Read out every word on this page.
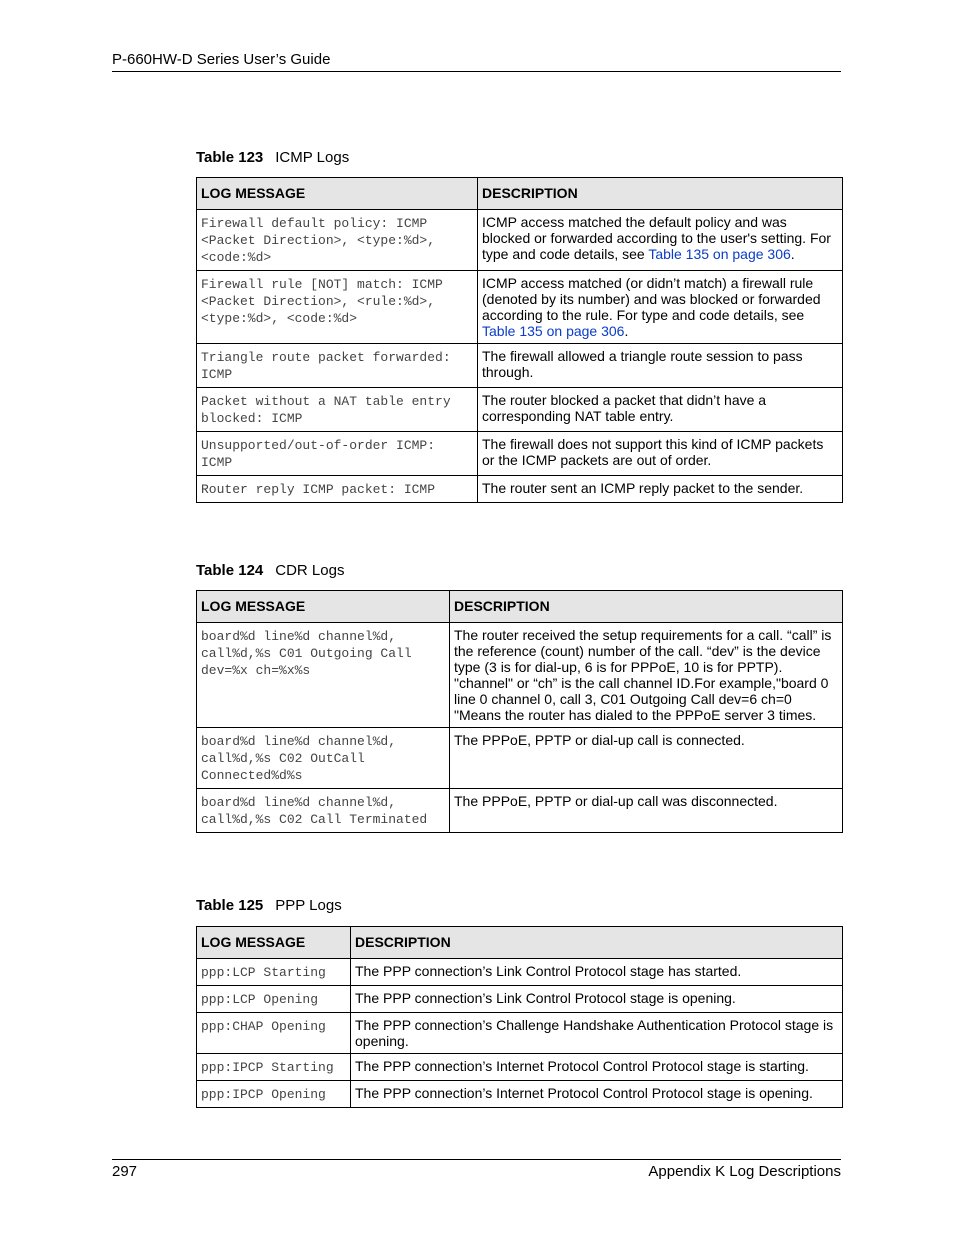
P-660HW-D Series User’s Guide
Table 123 ICMP Logs
LOG MESSAGE	DESCRIPTION
Firewall default policy: ICMP <Packet Direction>, <type:%d>, <code:%d>	ICMP access matched the default policy and was blocked or forwarded according to the user's setting. For type and code details, see Table 135 on page 306.
Firewall rule [NOT] match: ICMP <Packet Direction>, <rule:%d>, <type:%d>, <code:%d>	ICMP access matched (or didn’t match) a firewall rule (denoted by its number) and was blocked or forwarded according to the rule. For type and code details, see Table 135 on page 306.
Triangle route packet forwarded: ICMP	The firewall allowed a triangle route session to pass through.
Packet without a NAT table entry blocked: ICMP	The router blocked a packet that didn’t have a corresponding NAT table entry.
Unsupported/out-of-order ICMP: ICMP	The firewall does not support this kind of ICMP packets or the ICMP packets are out of order.
Router reply ICMP packet: ICMP	The router sent an ICMP reply packet to the sender.
Table 124 CDR Logs
LOG MESSAGE	DESCRIPTION
board%d line%d channel%d, call%d,%s C01 Outgoing Call dev=%x ch=%x%s	The router received the setup requirements for a call. “call” is the reference (count) number of the call. “dev” is the device type (3 is for dial-up, 6 is for PPPoE, 10 is for PPTP). "channel" or “ch” is the call channel ID.For example,"board 0 line 0 channel 0, call 3, C01 Outgoing Call dev=6 ch=0 "Means the router has dialed to the PPPoE server 3 times.
board%d line%d channel%d, call%d,%s C02 OutCall Connected%d%s	The PPPoE, PPTP or dial-up call is connected.
board%d line%d channel%d, call%d,%s C02 Call Terminated	The PPPoE, PPTP or dial-up call was disconnected.
Table 125 PPP Logs
LOG MESSAGE	DESCRIPTION
ppp:LCP Starting	The PPP connection’s Link Control Protocol stage has started.
ppp:LCP Opening	The PPP connection’s Link Control Protocol stage is opening.
ppp:CHAP Opening	The PPP connection’s Challenge Handshake Authentication Protocol stage is opening.
ppp:IPCP Starting	The PPP connection’s Internet Protocol Control Protocol stage is starting.
ppp:IPCP Opening	The PPP connection’s Internet Protocol Control Protocol stage is opening.
297	Appendix K Log Descriptions
